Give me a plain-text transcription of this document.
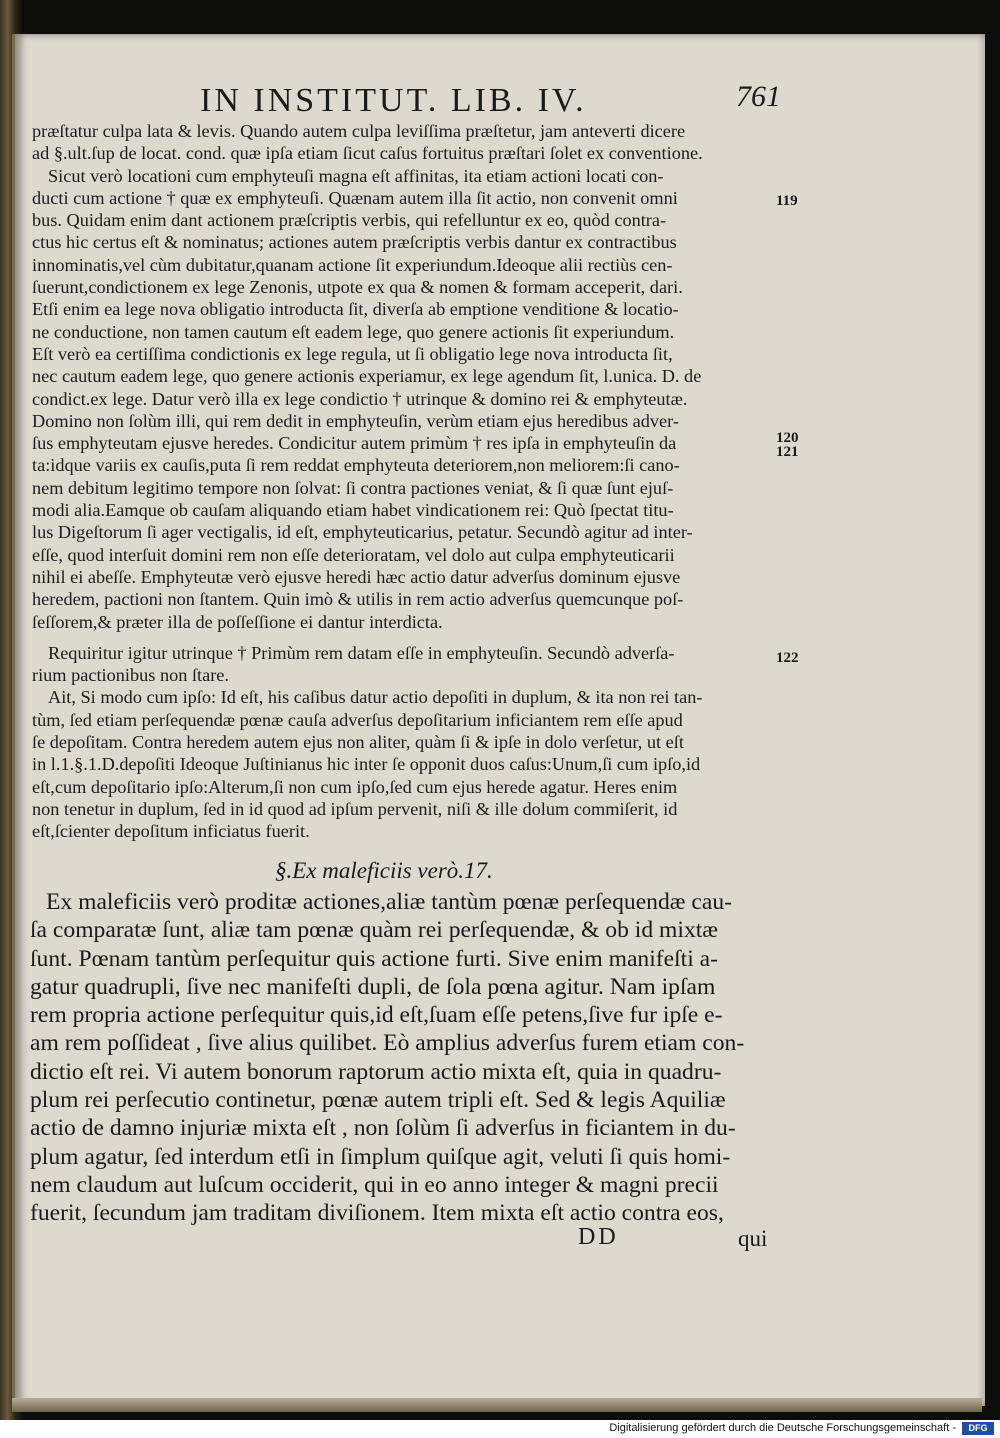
IN INSTITUT. LIB. IV.	761
præſtatur culpa lata & levis. Quando autem culpa leviſſima præſtetur, jam anteverti dicere
ad §.ult.ſup de locat. cond. quæ ipſa etiam ſicut caſus fortuitus præſtari ſolet ex conventione.
Sicut verò locationi cum emphyteuſi magna eſt affinitas, ita etiam actioni locati con-
ducti cum actione † quæ ex emphyteuſi. Quænam autem illa ſit actio, non convenit omni
bus. Quidam enim dant actionem præſcriptis verbis, qui refelluntur ex eo, quòd contra-
ctus hic certus eſt & nominatus; actiones autem præſcriptis verbis dantur ex contractibus
innominatis,vel cùm dubitatur,quanam actione ſit experiundum.Ideoque alii rectiùs cen-
ſuerunt,condictionem ex lege Zenonis, utpote ex qua & nomen & formam acceperit, dari.
Etſi enim ea lege nova obligatio introducta ſit, diverſa ab emptione venditione & locatio-
ne conductione, non tamen cautum eſt eadem lege, quo genere actionis ſit experiundum.
Eſt verò ea certiſſima condictionis ex lege regula, ut ſi obligatio lege nova introducta ſit,
nec cautum eadem lege, quo genere actionis experiamur, ex lege agendum ſit, l.unica. D. de
condict.ex lege. Datur verò illa ex lege condictio † utrinque & domino rei & emphyteutæ.
Domino non ſolùm illi, qui rem dedit in emphyteuſin, verùm etiam ejus heredibus adver-
ſus emphyteutam ejusve heredes. Condicitur autem primùm † res ipſa in emphyteuſin da
ta:idque variis ex cauſis,puta ſi rem reddat emphyteuta deteriorem,non meliorem:ſi cano-
nem debitum legitimo tempore non ſolvat: ſi contra pactiones veniat, & ſi quæ ſunt ejuſ-
modi alia.Eamque ob cauſam aliquando etiam habet vindicationem rei: Quò ſpectat titu-
lus Digeſtorum ſi ager vectigalis, id eſt, emphyteuticarius, petatur. Secundò agitur ad inter-
eſſe, quod interſuit domini rem non eſſe deterioratam, vel dolo aut culpa emphyteuticarii
nihil ei abeſſe. Emphyteutæ verò ejusve heredi hæc actio datur adverſus dominum ejusve
heredem, pactioni non ſtantem. Quin imò & utilis in rem actio adverſus quemcunque poſ-
ſeſſorem,& præter illa de poſſeſſione ei dantur interdicta.
Requiritur igitur utrinque † Primùm rem datam eſſe in emphyteuſin. Secundò adverſa-
rium pactionibus non ſtare.
Ait, Si modo cum ipſo: Id eſt, his caſibus datur actio depoſiti in duplum, & ita non rei tan-
tùm, ſed etiam perſequendæ pœnæ cauſa adverſus depoſitarium inficiantem rem eſſe apud
ſe depoſitam. Contra heredem autem ejus non aliter, quàm ſi & ipſe in dolo verſetur, ut eſt
in l.1.§.1.D.depoſiti Ideoque Juſtinianus hic inter ſe opponit duos caſus:Unum,ſi cum ipſo,id
eſt,cum depoſitario ipſo:Alterum,ſi non cum ipſo,ſed cum ejus herede agatur. Heres enim
non tenetur in duplum, ſed in id quod ad ipſum pervenit, niſi & ille dolum commiſerit, id
eſt,ſcienter depoſitum inficiatus fuerit.
119
120
121
122
§.Ex maleficiis verò.17.
Ex maleficiis verò proditæ actiones,aliæ tantùm pœnæ perſequendæ cau-
ſa comparatæ ſunt, aliæ tam pœnæ quàm rei perſequendæ, & ob id mixtæ
ſunt. Pœnam tantùm perſequitur quis actione furti. Sive enim manifeſti a-
gatur quadrupli, ſive nec manifeſti dupli, de ſola pœna agitur. Nam ipſam
rem propria actione perſequitur quis,id eſt,ſuam eſſe petens,ſive fur ipſe e-
am rem poſſideat , ſive alius quilibet. Eò amplius adverſus furem etiam con-
dictio eſt rei. Vi autem bonorum raptorum actio mixta eſt, quia in quadru-
plum rei perſecutio continetur, pœnæ autem tripli eſt. Sed & legis Aquiliæ
actio de damno injuriæ mixta eſt , non ſolùm ſi adverſus in ficiantem in du-
plum agatur, ſed interdum etſi in ſimplum quiſque agit, veluti ſi quis homi-
nem claudum aut luſcum occiderit, qui in eo anno integer & magni precii
fuerit, ſecundum jam traditam diviſionem. Item mixta eſt actio contra eos,
DD	qui
Digitalisierung gefördert durch die Deutsche Forschungsgemeinschaft -	DFG
